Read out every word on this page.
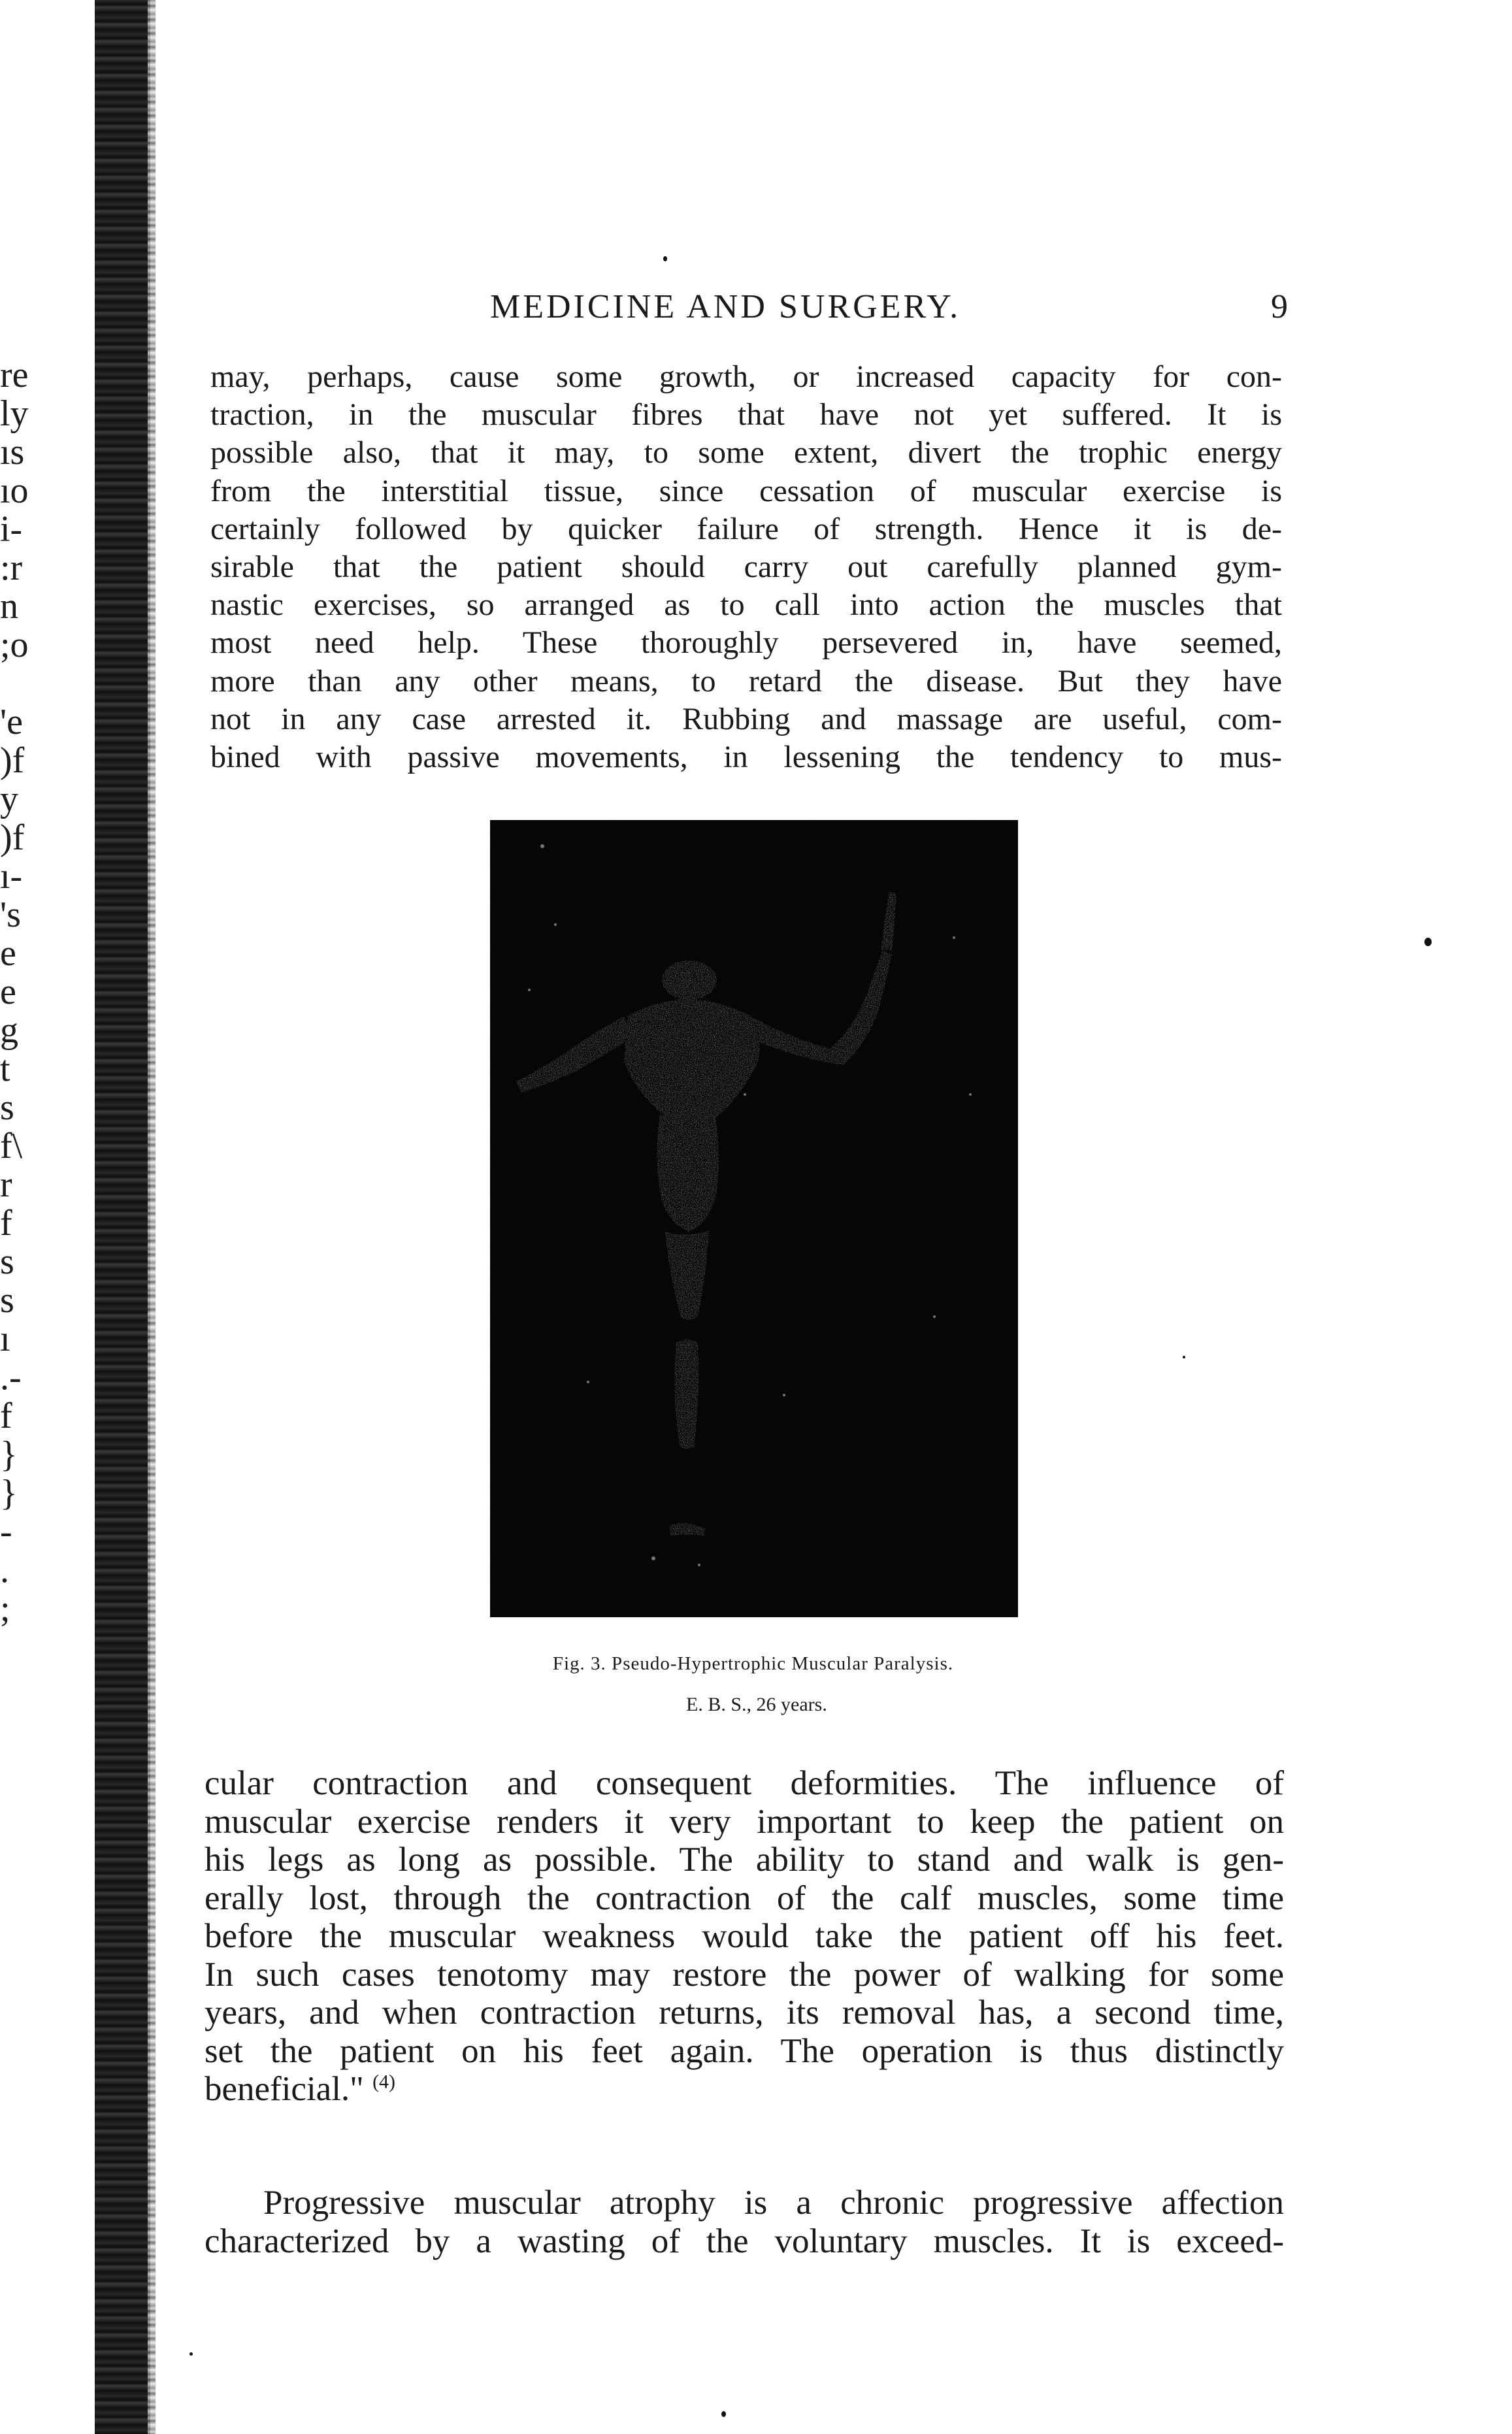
re
ly
ıs
ıo
i-
:r
n
;o

'e
)f
y
)f
ı-
's
e
e
g
t
s
f\
r
f
s
s
ı
.-
f
}
}
-
.
;
MEDICINE AND SURGERY.	9
may, perhaps, cause some growth, or increased capacity for con-
traction, in the muscular fibres that have not yet suffered. It is
possible also, that it may, to some extent, divert the trophic energy
from the interstitial tissue, since cessation of muscular exercise is
certainly followed by quicker failure of strength. Hence it is de-
sirable that the patient should carry out carefully planned gym-
nastic exercises, so arranged as to call into action the muscles that
most need help. These thoroughly persevered in, have seemed,
more than any other means, to retard the disease. But they have
not in any case arrested it. Rubbing and massage are useful, com-
bined with passive movements, in lessening the tendency to mus-
Fig. 3. Pseudo-Hypertrophic Muscular Paralysis.
E. B. S., 26 years.
cular contraction and consequent deformities. The influence of
muscular exercise renders it very important to keep the patient on
his legs as long as possible. The ability to stand and walk is gen-
erally lost, through the contraction of the calf muscles, some time
before the muscular weakness would take the patient off his feet.
In such cases tenotomy may restore the power of walking for some
years, and when contraction returns, its removal has, a second time,
set the patient on his feet again. The operation is thus distinctly
beneficial." $^{(4)}$
Progressive muscular atrophy is a chronic progressive affection
characterized by a wasting of the voluntary muscles. It is exceed-
